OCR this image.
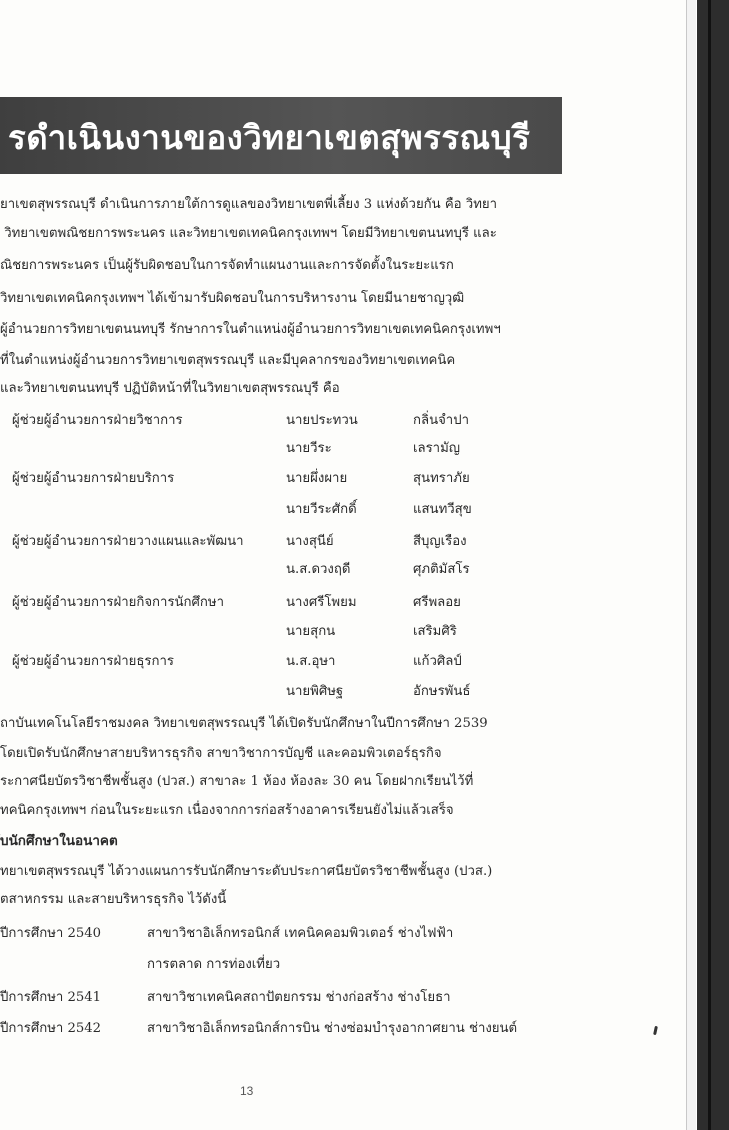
รดำเนินงานของวิทยาเขตสุพรรณบุรี
ยาเขตสุพรรณบุรี ดำเนินการภายใต้การดูแลของวิทยาเขตพี่เลี้ยง 3 แห่งด้วยกัน คือ วิทยา
ี วิทยาเขตพณิชยการพระนคร และวิทยาเขตเทคนิคกรุงเทพฯ โดยมีวิทยาเขตนนทบุรี และ
ณิชยการพระนคร เป็นผู้รับผิดชอบในการจัดทำแผนงานและการจัดตั้งในระยะแรก
วิทยาเขตเทคนิคกรุงเทพฯ ได้เข้ามารับผิดชอบในการบริหารงาน โดยมีนายชาญวุฒิ
ผู้อำนวยการวิทยาเขตนนทบุรี รักษาการในตำแหน่งผู้อำนวยการวิทยาเขตเทคนิคกรุงเทพฯ
ที่ในตำแหน่งผู้อำนวยการวิทยาเขตสุพรรณบุรี และมีบุคลากรของวิทยาเขตเทคนิค
และวิทยาเขตนนทบุรี ปฏิบัติหน้าที่ในวิทยาเขตสุพรรณบุรี คือ
ผู้ช่วยผู้อำนวยการฝ่ายวิชาการ	นายประทวน	กลิ่นจำปา
นายวีระ	เลรามัญ
ผู้ช่วยผู้อำนวยการฝ่ายบริการ	นายผึ่งผาย	สุนทราภัย
นายวีระศักดิ์	แสนทวีสุข
ผู้ช่วยผู้อำนวยการฝ่ายวางแผนและพัฒนา	นางสุนีย์	สีบุญเรือง
น.ส.ดวงฤดี	ศุภติมัสโร
ผู้ช่วยผู้อำนวยการฝ่ายกิจการนักศึกษา	นางศรีโพยม	ศรีพลอย
นายสุกน	เสริมศิริ
ผู้ช่วยผู้อำนวยการฝ่ายธุรการ	น.ส.อุษา	แก้วศิลป์
นายพิศิษฐ	อักษรพันธ์
ถาบันเทคโนโลยีราชมงคล วิทยาเขตสุพรรณบุรี ได้เปิดรับนักศึกษาในปีการศึกษา 2539
โดยเปิดรับนักศึกษาสายบริหารธุรกิจ สาขาวิชาการบัญชี และคอมพิวเตอร์ธุรกิจ
ระกาศนียบัตรวิชาชีพชั้นสูง (ปวส.) สาขาละ 1 ห้อง ห้องละ 30 คน โดยฝากเรียนไว้ที่
ทคนิคกรุงเทพฯ ก่อนในระยะแรก เนื่องจากการก่อสร้างอาคารเรียนยังไม่แล้วเสร็จ
ับนักศึกษาในอนาคต
ทยาเขตสุพรรณบุรี ได้วางแผนการรับนักศึกษาระดับประกาศนียบัตรวิชาชีพชั้นสูง (ปวส.)
ตสาหกรรม และสายบริหารธุรกิจ ไว้ดังนี้
ปีการศึกษา 2540	สาขาวิชาอิเล็กทรอนิกส์ เทคนิคคอมพิวเตอร์ ช่างไฟฟ้า
การตลาด การท่องเที่ยว
ปีการศึกษา 2541	สาขาวิชาเทคนิคสถาปัตยกรรม ช่างก่อสร้าง ช่างโยธา
ปีการศึกษา 2542	สาขาวิชาอิเล็กทรอนิกส์การบิน ช่างซ่อมบำรุงอากาศยาน ช่างยนต์
13
